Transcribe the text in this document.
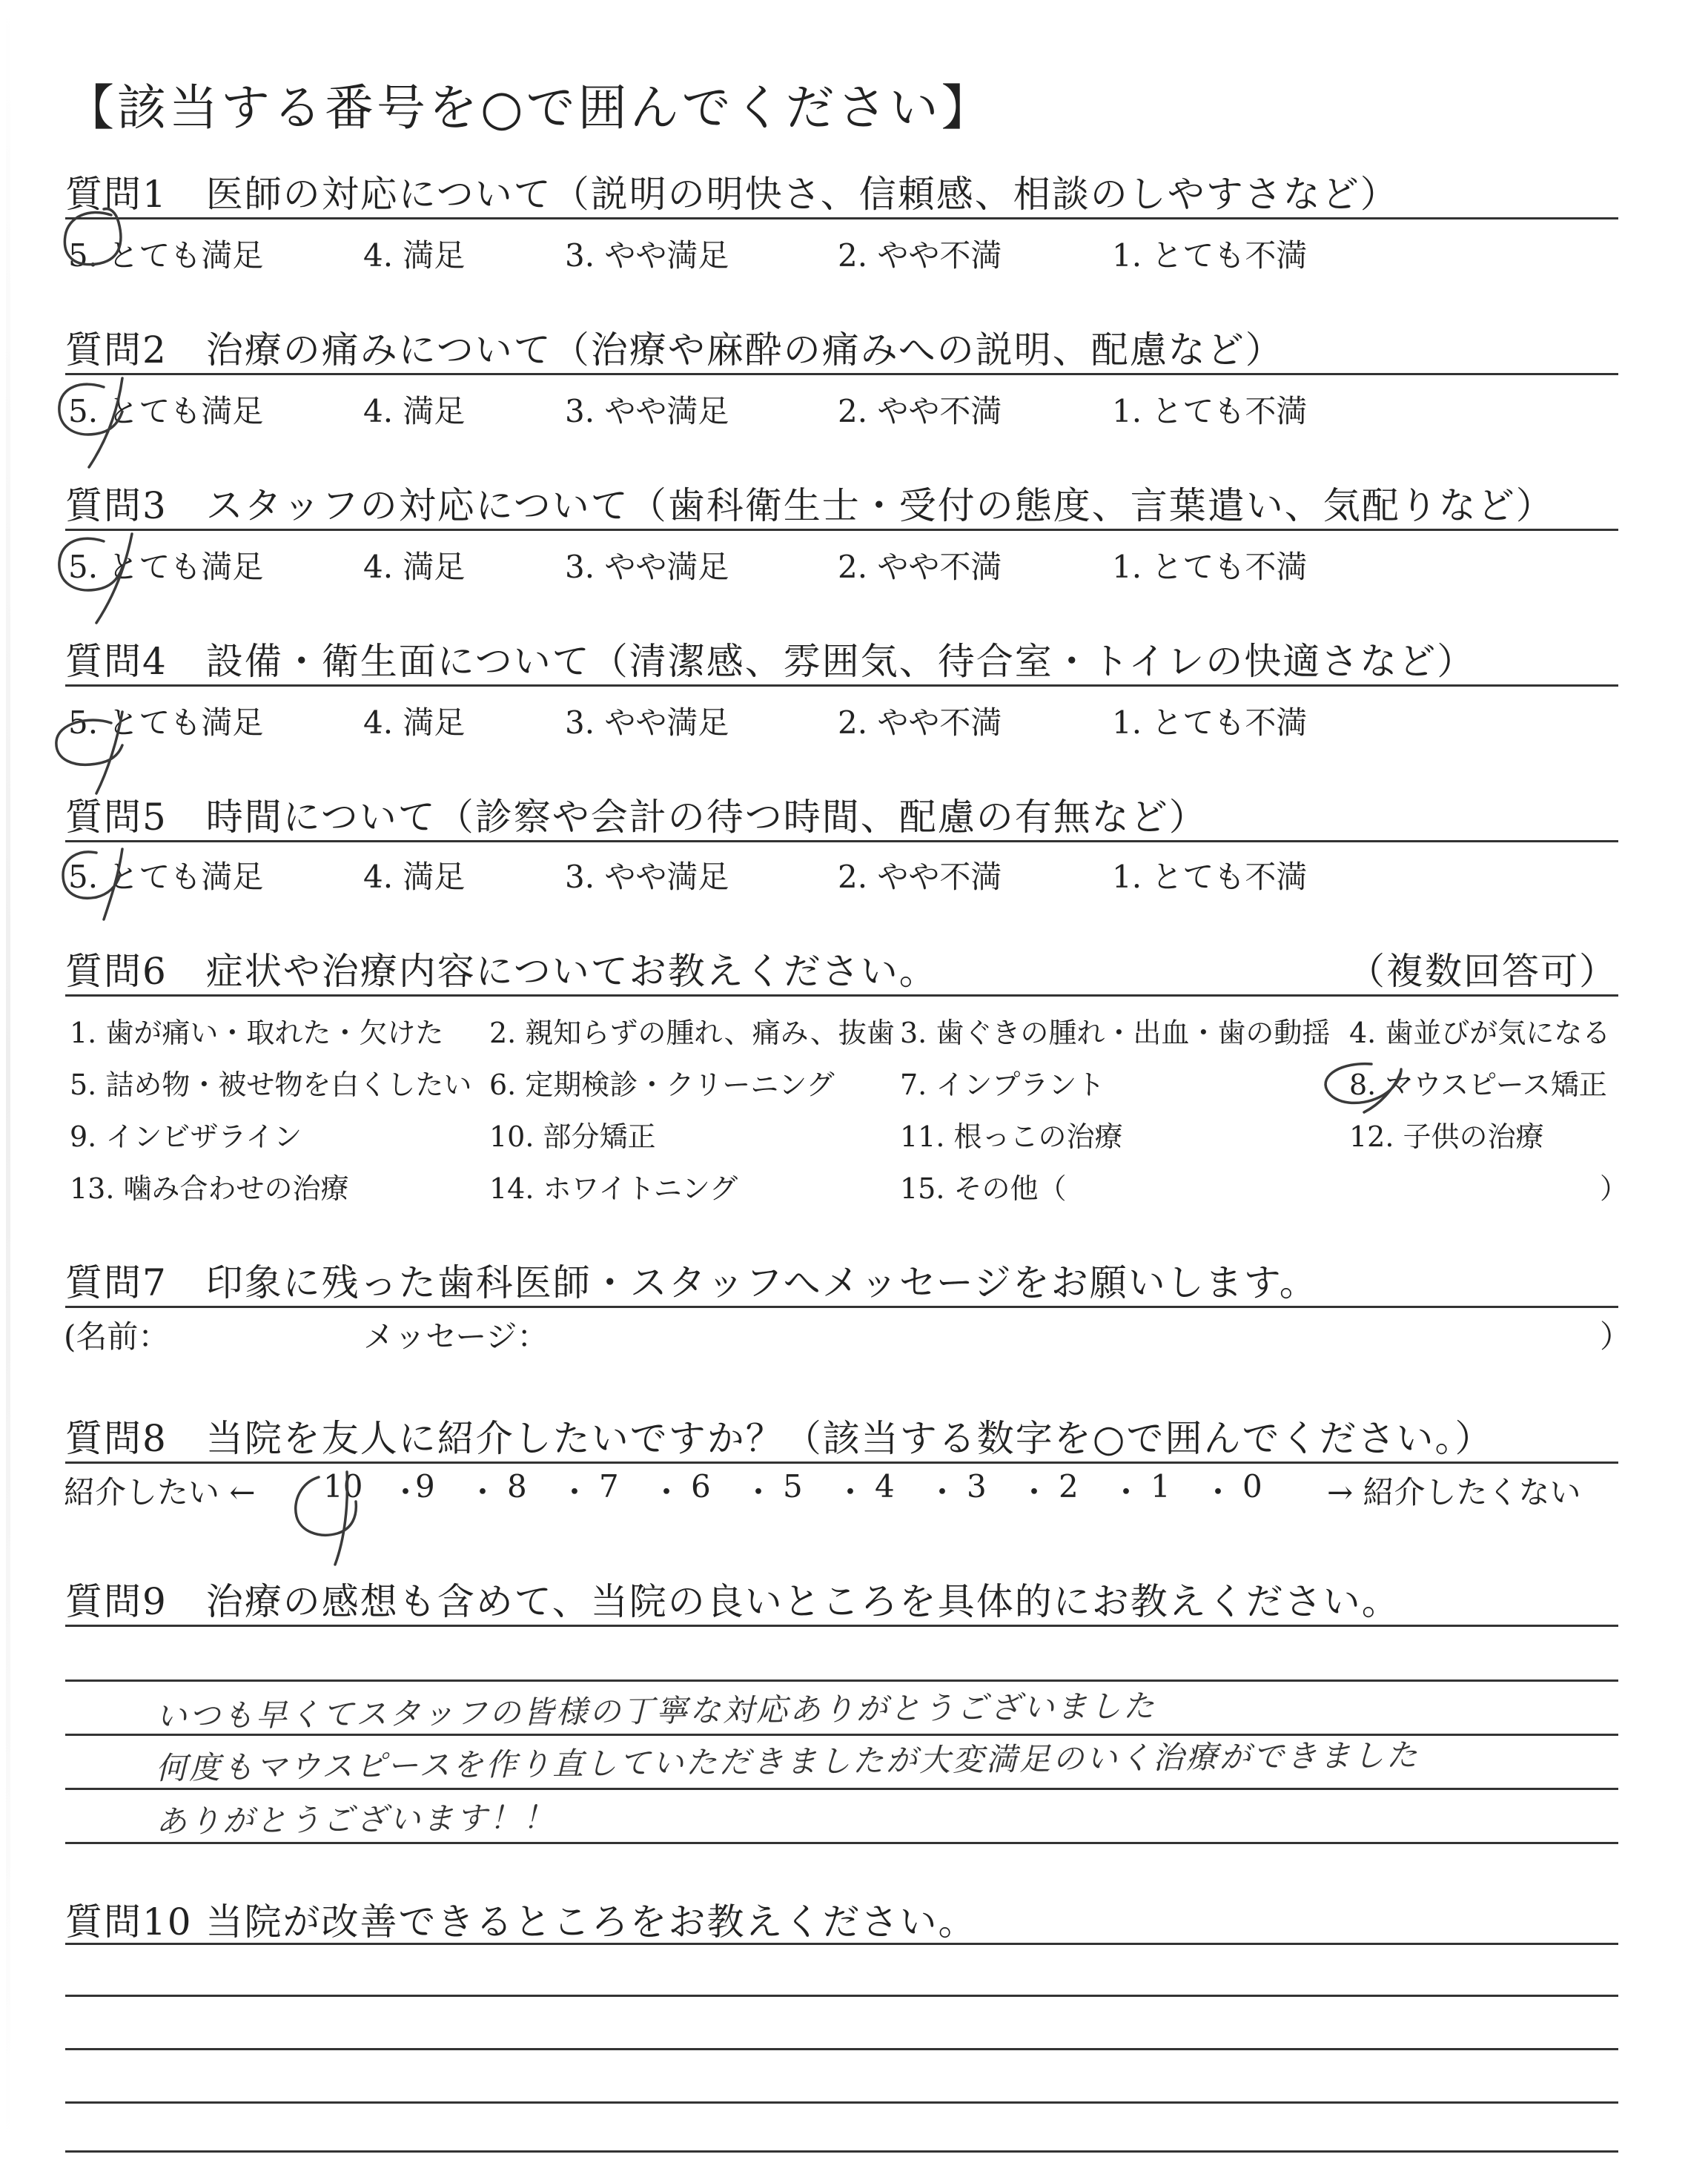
【該当する番号を○で囲んでください】
質問1　医師の対応について（説明の明快さ、信頼感、相談のしやすさなど）
5. とても満足	4. 満足	3. やや満足	2. やや不満	1. とても不満
質問2　治療の痛みについて（治療や麻酔の痛みへの説明、配慮など）
5. とても満足	4. 満足	3. やや満足	2. やや不満	1. とても不満
質問3　スタッフの対応について（歯科衛生士・受付の態度、言葉遣い、気配りなど）
5. とても満足	4. 満足	3. やや満足	2. やや不満	1. とても不満
質問4　設備・衛生面について（清潔感、雰囲気、待合室・トイレの快適さなど）
5. とても満足	4. 満足	3. やや満足	2. やや不満	1. とても不満
質問5　時間について（診察や会計の待つ時間、配慮の有無など）
5. とても満足	4. 満足	3. やや満足	2. やや不満	1. とても不満
質問6　症状や治療内容についてお教えください。	（複数回答可）
1. 歯が痛い・取れた・欠けた 2. 親知らずの腫れ、痛み、抜歯 3. 歯ぐきの腫れ・出血・歯の動揺 4. 歯並びが気になる
5. 詰め物・被せ物を白くしたい 6. 定期検診・クリーニング 7. インプラント	8. マウスピース矯正
9. インビザライン	10. 部分矯正	11. 根っこの治療	12. 子供の治療
13. 噛み合わせの治療	14. ホワイトニング	15. その他（	）
質問7　印象に残った歯科医師・スタッフへメッセージをお願いします。
(名前：	メッセージ：	）
質問8　当院を友人に紹介したいですか？（該当する数字を○で囲んでください。）
紹介したい ← 10 ・
9 ・ 8 ・ 7 ・ 6 ・ 5 ・ 4 ・ 3 ・ 2 ・ 1 ・ 0 → 紹介したくない
質問9　治療の感想も含めて、当院の良いところを具体的にお教えください。
いつも早くてスタッフの皆様の丁寧な対応ありがとうございました
何度もマウスピースを作り直していただきましたが大変満足のいく治療ができました
ありがとうございます！！
質問10 当院が改善できるところをお教えください。
